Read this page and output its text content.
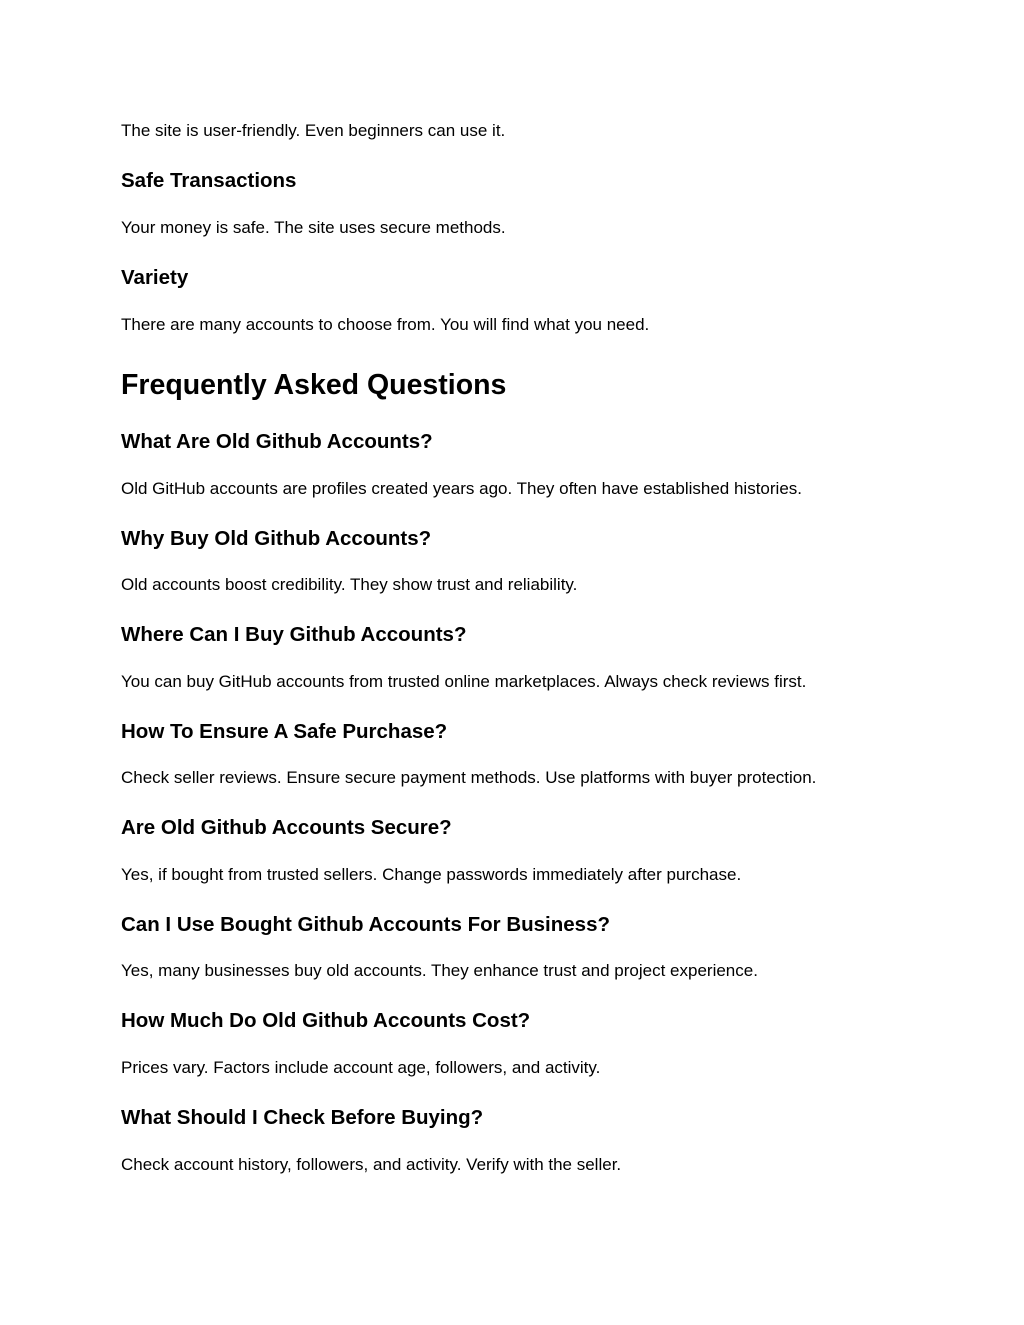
The site is user-friendly. Even beginners can use it.

Safe Transactions

Your money is safe. The site uses secure methods.

Variety

There are many accounts to choose from. You will find what you need.

Frequently Asked Questions
What Are Old Github Accounts?

Old GitHub accounts are profiles created years ago. They often have established histories.

Why Buy Old Github Accounts?

Old accounts boost credibility. They show trust and reliability.

Where Can I Buy Github Accounts?

You can buy GitHub accounts from trusted online marketplaces. Always check reviews first.

How To Ensure A Safe Purchase?

Check seller reviews. Ensure secure payment methods. Use platforms with buyer protection.

Are Old Github Accounts Secure?

Yes, if bought from trusted sellers. Change passwords immediately after purchase.

Can I Use Bought Github Accounts For Business?

Yes, many businesses buy old accounts. They enhance trust and project experience.

How Much Do Old Github Accounts Cost?

Prices vary. Factors include account age, followers, and activity.

What Should I Check Before Buying?

Check account history, followers, and activity. Verify with the seller.
